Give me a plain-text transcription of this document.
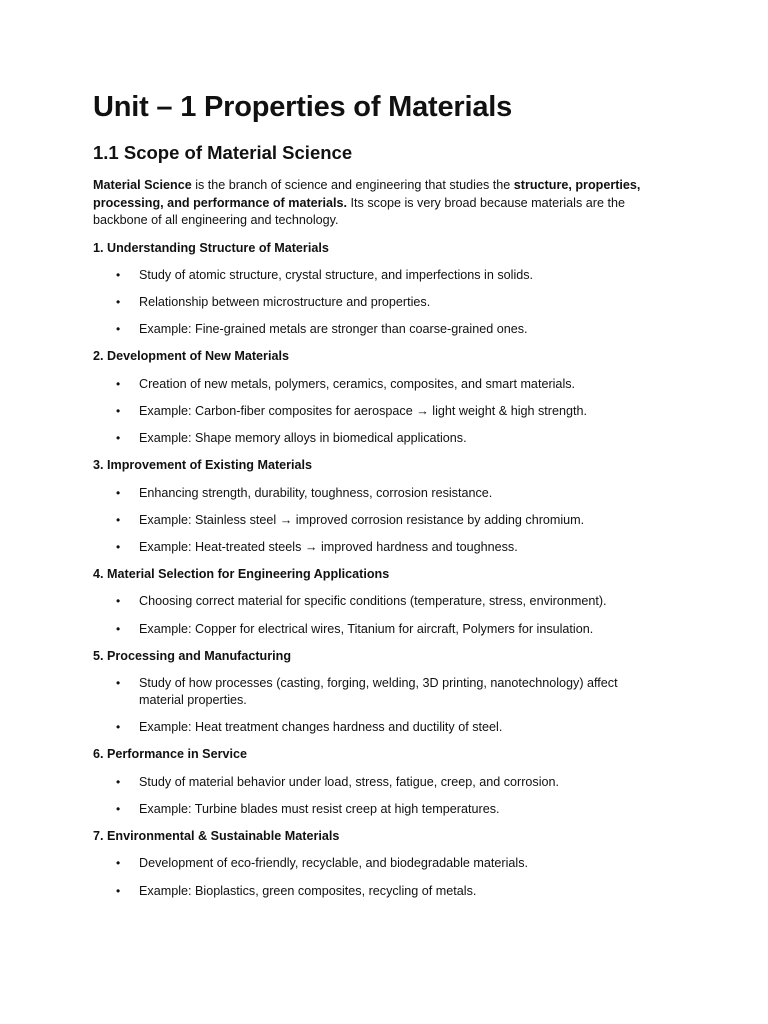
Unit – 1 Properties of Materials
1.1 Scope of Material Science

Material Science is the branch of science and engineering that studies the structure, properties, processing, and performance of materials. Its scope is very broad because materials are the backbone of all engineering and technology.

1. Understanding Structure of Materials
• Study of atomic structure, crystal structure, and imperfections in solids.
• Relationship between microstructure and properties.
• Example: Fine-grained metals are stronger than coarse-grained ones.
2. Development of New Materials
• Creation of new metals, polymers, ceramics, composites, and smart materials.
• Example: Carbon-fiber composites for aerospace → light weight & high strength.
• Example: Shape memory alloys in biomedical applications.
3. Improvement of Existing Materials
• Enhancing strength, durability, toughness, corrosion resistance.
• Example: Stainless steel → improved corrosion resistance by adding chromium.
• Example: Heat-treated steels → improved hardness and toughness.
4. Material Selection for Engineering Applications
• Choosing correct material for specific conditions (temperature, stress, environment).
• Example: Copper for electrical wires, Titanium for aircraft, Polymers for insulation.
5. Processing and Manufacturing
• Study of how processes (casting, forging, welding, 3D printing, nanotechnology) affect material properties.
• Example: Heat treatment changes hardness and ductility of steel.
6. Performance in Service
• Study of material behavior under load, stress, fatigue, creep, and corrosion.
• Example: Turbine blades must resist creep at high temperatures.
7. Environmental & Sustainable Materials
• Development of eco-friendly, recyclable, and biodegradable materials.
• Example: Bioplastics, green composites, recycling of metals.
